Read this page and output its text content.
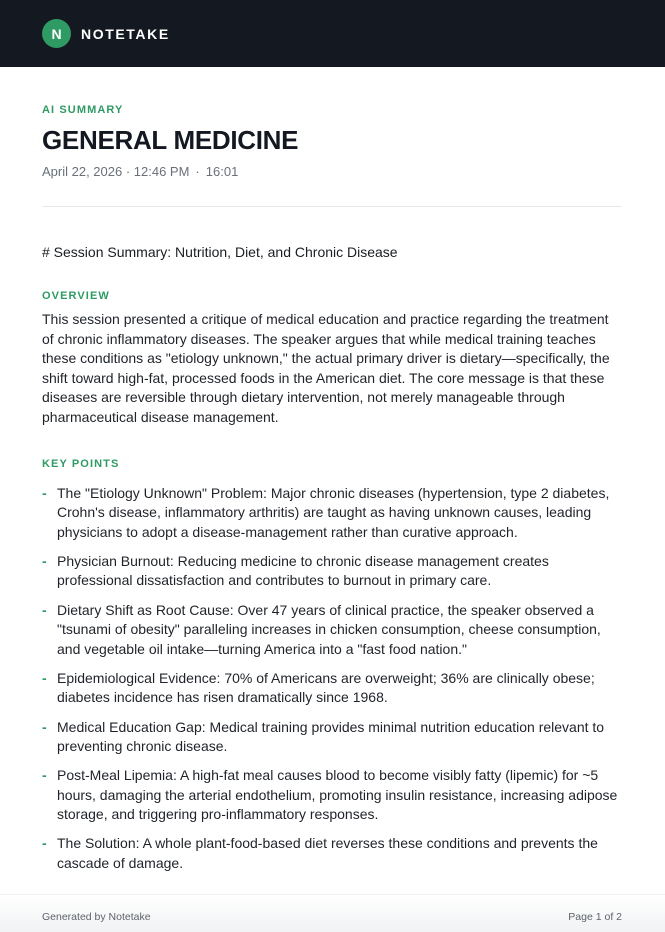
N	NOTETAKE
AI SUMMARY
GENERAL MEDICINE
April 22, 2026 · 12:46 PM · 16:01
# Session Summary: Nutrition, Diet, and Chronic Disease
OVERVIEW

This session presented a critique of medical education and practice regarding the treatment of chronic inflammatory diseases. The speaker argues that while medical training teaches these conditions as "etiology unknown," the actual primary driver is dietary—specifically, the shift toward high-fat, processed foods in the American diet. The core message is that these diseases are reversible through dietary intervention, not merely manageable through pharmaceutical disease management.

KEY POINTS
- The "Etiology Unknown" Problem: Major chronic diseases (hypertension, type 2 diabetes, Crohn's disease, inflammatory arthritis) are taught as having unknown causes, leading physicians to adopt a disease-management rather than curative approach.
- Physician Burnout: Reducing medicine to chronic disease management creates professional dissatisfaction and contributes to burnout in primary care.
- Dietary Shift as Root Cause: Over 47 years of clinical practice, the speaker observed a "tsunami of obesity" paralleling increases in chicken consumption, cheese consumption, and vegetable oil intake—turning America into a "fast food nation."
- Epidemiological Evidence: 70% of Americans are overweight; 36% are clinically obese; diabetes incidence has risen dramatically since 1968.
- Medical Education Gap: Medical training provides minimal nutrition education relevant to preventing chronic disease.
- Post-Meal Lipemia: A high-fat meal causes blood to become visibly fatty (lipemic) for ~5 hours, damaging the arterial endothelium, promoting insulin resistance, increasing adipose storage, and triggering pro-inflammatory responses.
- The Solution: A whole plant-food-based diet reverses these conditions and prevents the cascade of damage.
Generated by Notetake	Page 1 of 2
